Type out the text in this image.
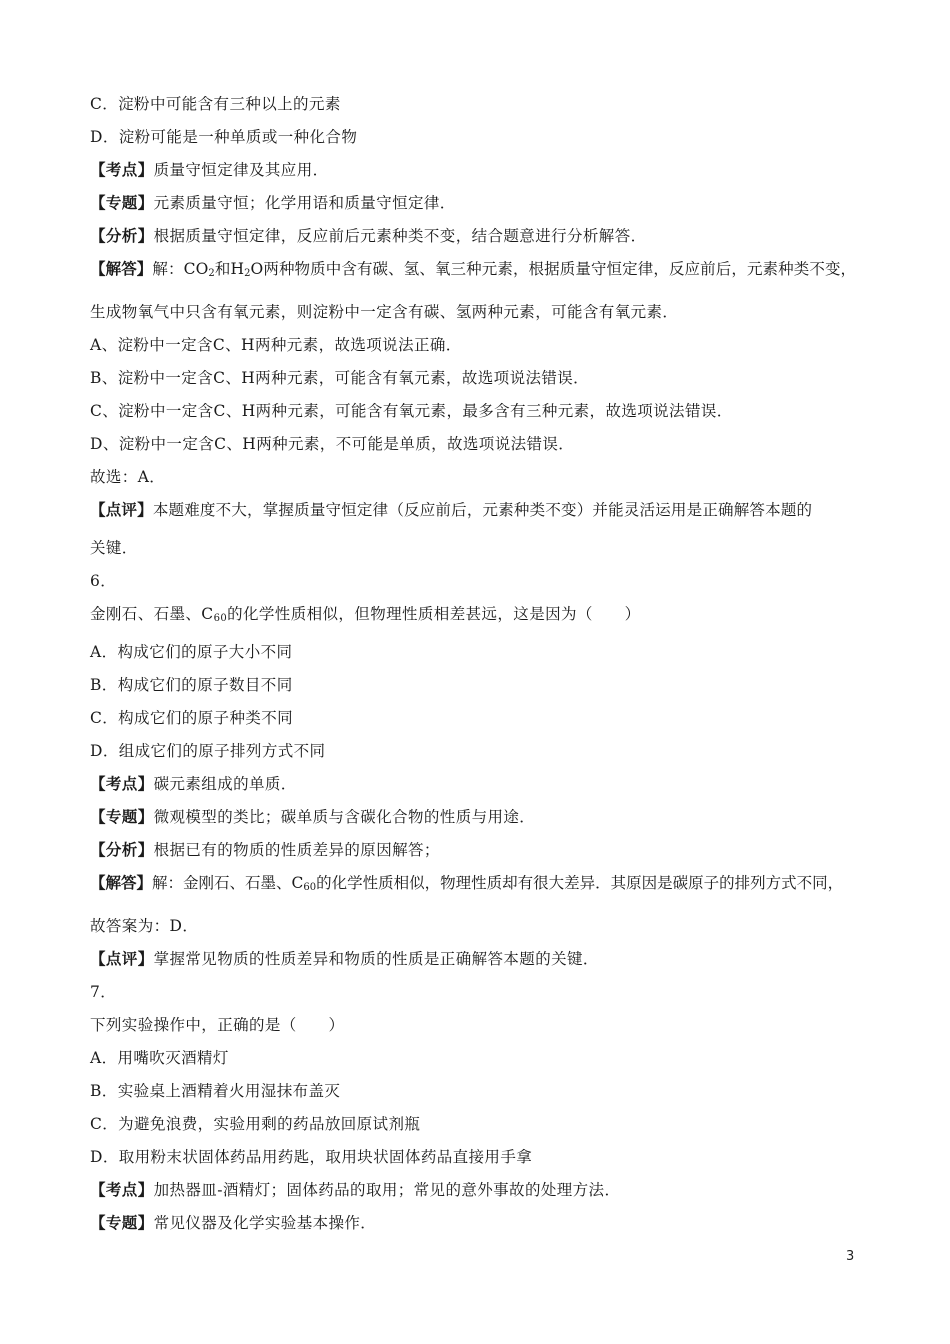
C．淀粉中可能含有三种以上的元素
D．淀粉可能是一种单质或一种化合物
【考点】质量守恒定律及其应用．
【专题】元素质量守恒；化学用语和质量守恒定律．
【分析】根据质量守恒定律，反应前后元素种类不变，结合题意进行分析解答．
【解答】解：$CO_2$和$H_2O$两种物质中含有碳、氢、氧三种元素，根据质量守恒定律，反应前后，元素种类不变，
生成物氧气中只含有氧元素，则淀粉中一定含有碳、氢两种元素，可能含有氧元素．
A、淀粉中一定含C、H两种元素，故选项说法正确．
B、淀粉中一定含C、H两种元素，可能含有氧元素，故选项说法错误．
C、淀粉中一定含C、H两种元素，可能含有氧元素，最多含有三种元素，故选项说法错误．
D、淀粉中一定含C、H两种元素，不可能是单质，故选项说法错误．
故选：A．
【点评】本题难度不大，掌握质量守恒定律（反应前后，元素种类不变）并能灵活运用是正确解答本题的
关键．
6．
金刚石、石墨、$C_{60}$的化学性质相似，但物理性质相差甚远，这是因为（　　）
A．构成它们的原子大小不同
B．构成它们的原子数目不同
C．构成它们的原子种类不同
D．组成它们的原子排列方式不同
【考点】碳元素组成的单质．
【专题】微观模型的类比；碳单质与含碳化合物的性质与用途．
【分析】根据已有的物质的性质差异的原因解答；
【解答】解：金刚石、石墨、$C_{60}$的化学性质相似，物理性质却有很大差异．其原因是碳原子的排列方式不同，
故答案为：D．
【点评】掌握常见物质的性质差异和物质的性质是正确解答本题的关键．
7．
下列实验操作中，正确的是（　　）
A．用嘴吹灭酒精灯
B．实验桌上酒精着火用湿抹布盖灭
C．为避免浪费，实验用剩的药品放回原试剂瓶
D．取用粉末状固体药品用药匙，取用块状固体药品直接用手拿
【考点】加热器皿-酒精灯；固体药品的取用；常见的意外事故的处理方法．
【专题】常见仪器及化学实验基本操作．
3
